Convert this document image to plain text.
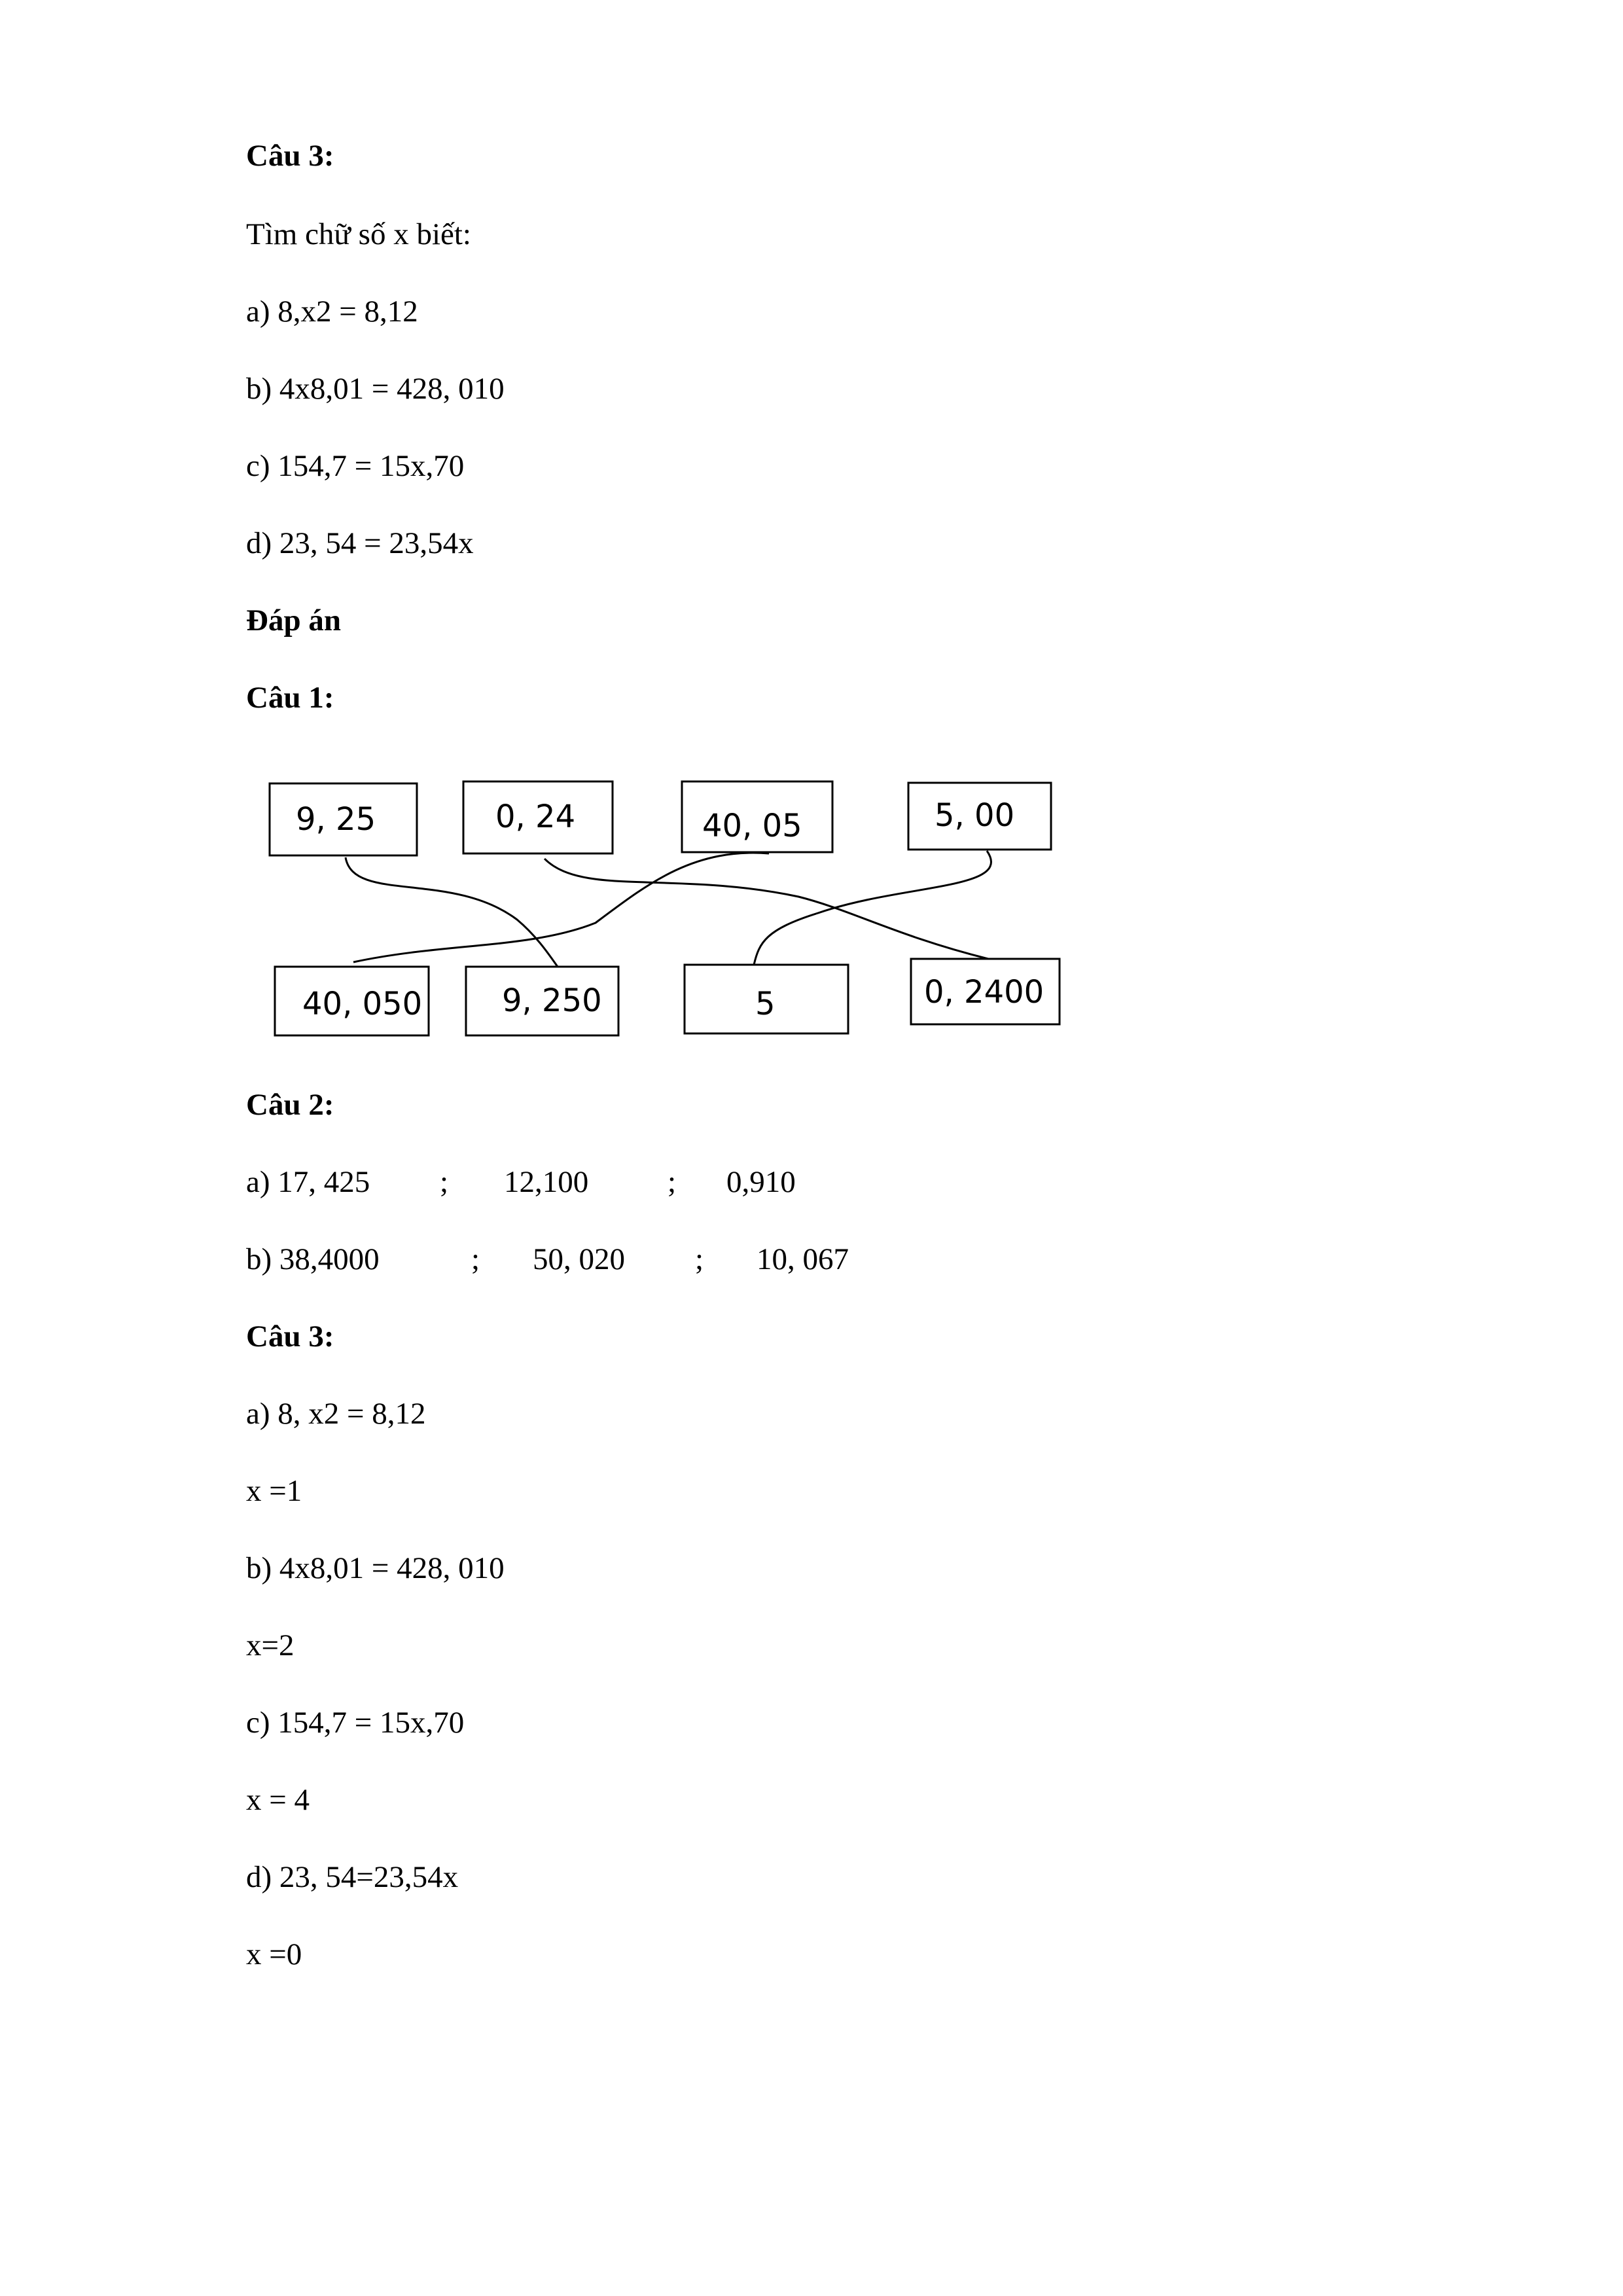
Câu 3:
Tìm chữ số x biết:
a) 8,x2 = 8,12
b) 4x8,01 = 428, 010
c) 154,7 = 15x,70
d) 23, 54 = 23,54x
Đáp án
Câu 1:
9, 25	0, 24	40, 05	5, 00
40, 050	9, 250	5	0, 2400
Câu 2:

a) 17, 425

;

12,100

	;

0,910

b) 38,4000

	;

50, 020

;

10, 067

Câu 3:
a) 8, x2 = 8,12
x =1
b) 4x8,01 = 428, 010
x=2
c) 154,7 = 15x,70
x = 4
d) 23, 54=23,54x
x =0
